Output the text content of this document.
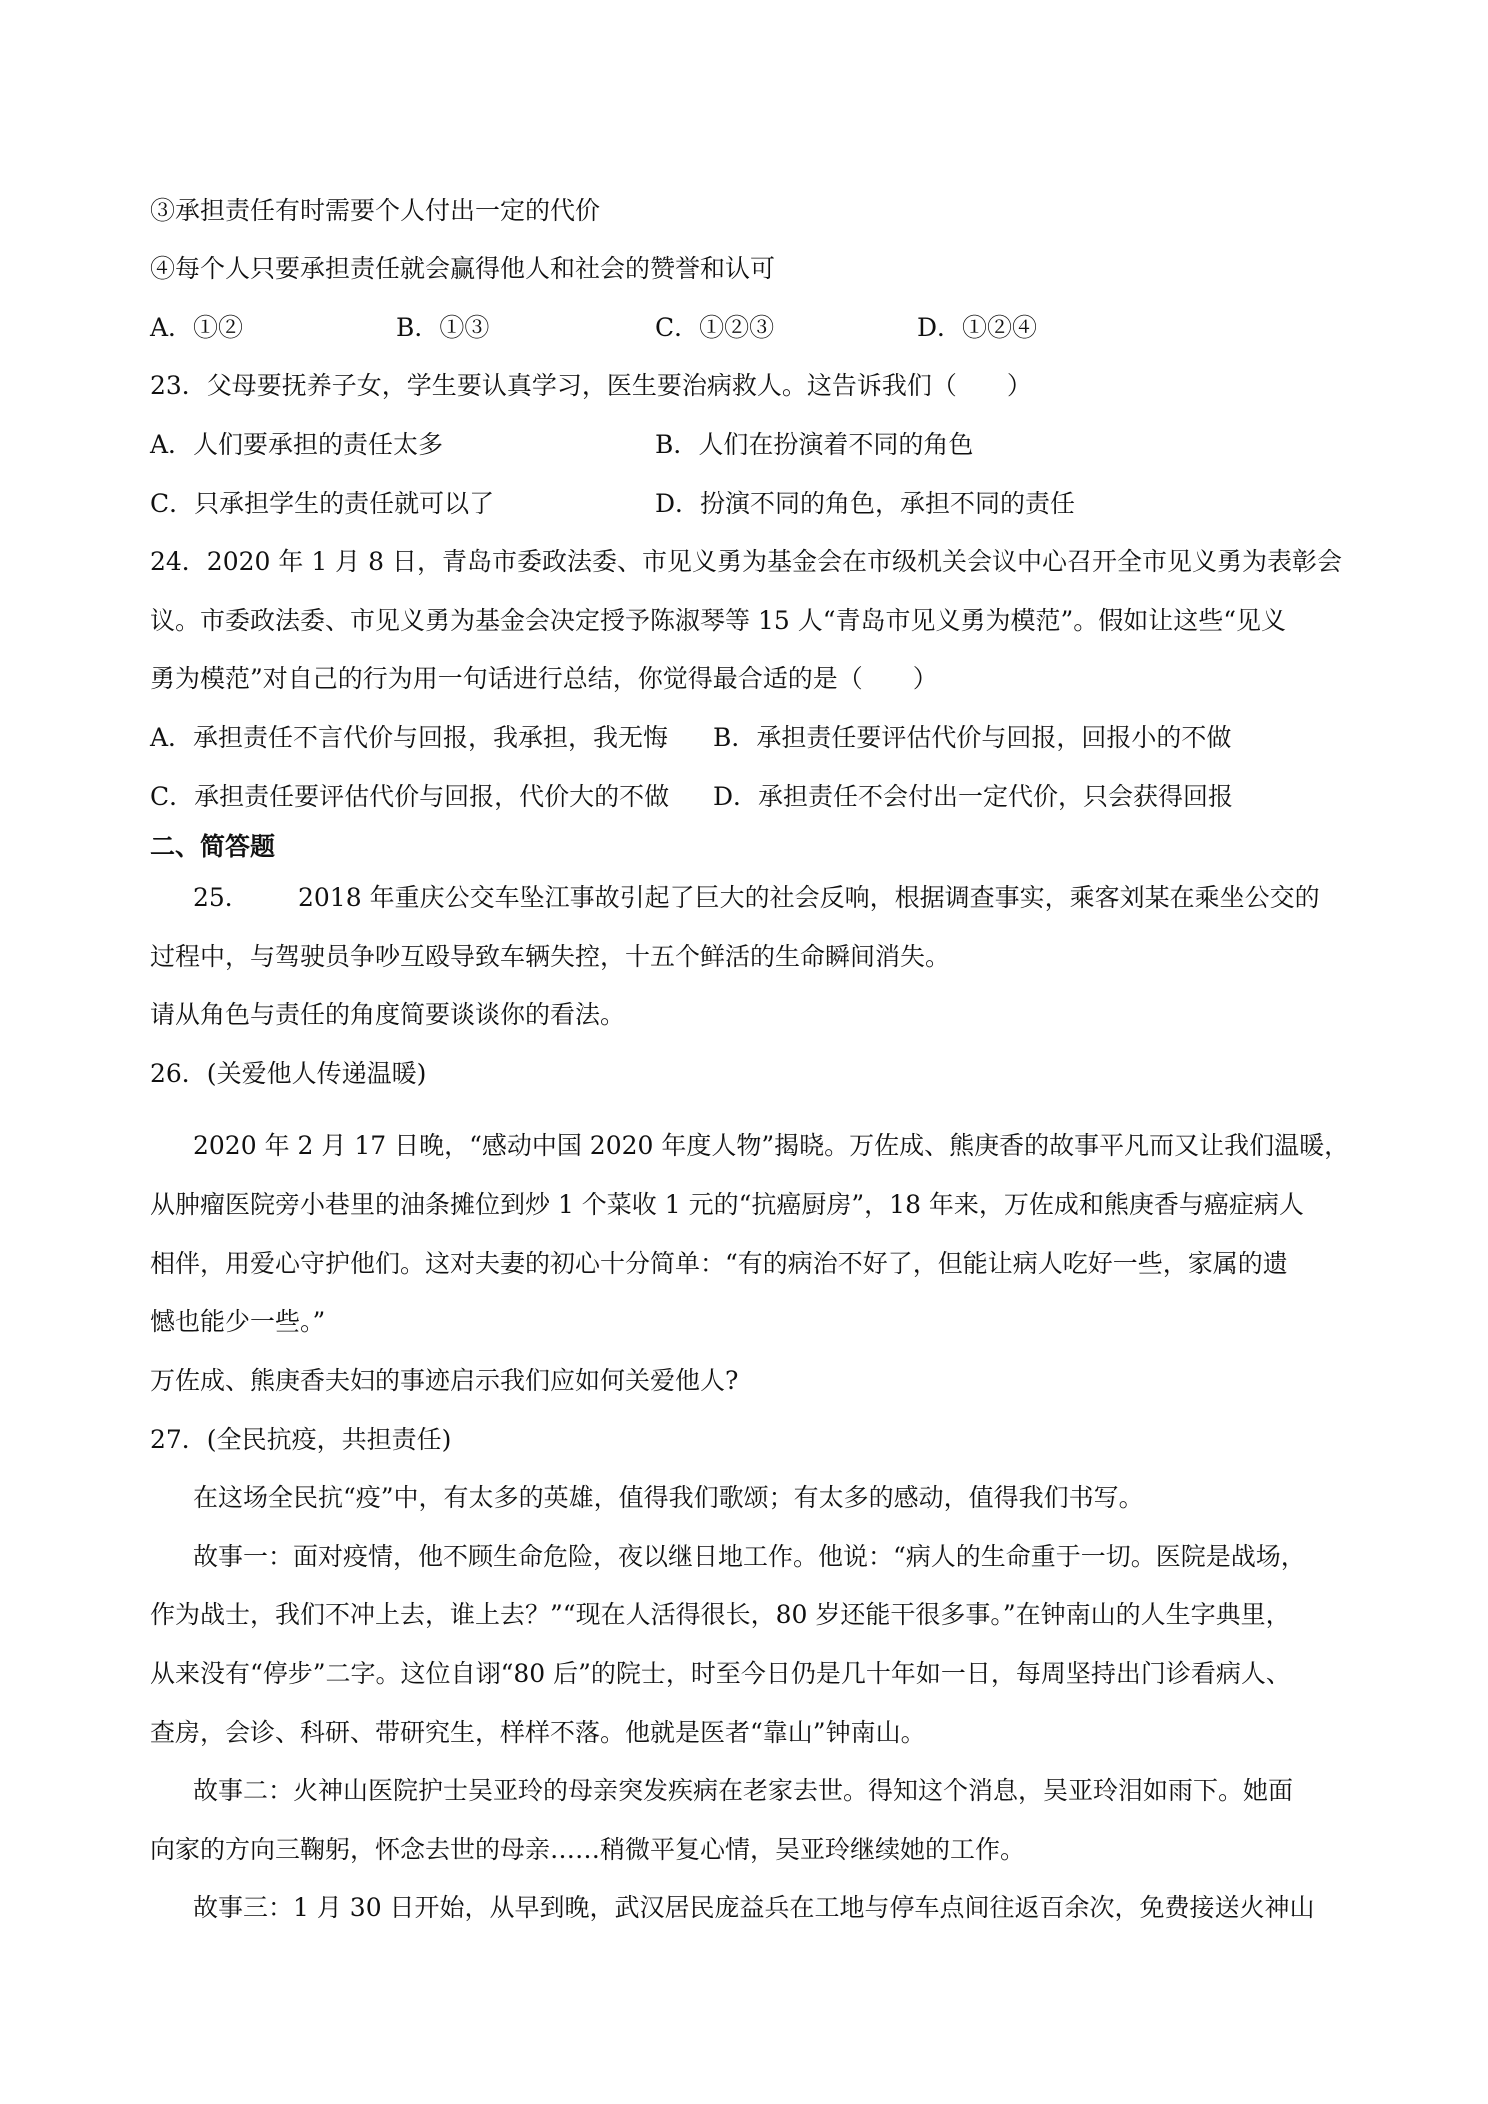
③承担责任有时需要个人付出一定的代价
④每个人只要承担责任就会赢得他人和社会的赞誉和认可
A．①②	B．①③	C．①②③	D．①②④
23．父母要抚养子女，学生要认真学习，医生要治病救人。这告诉我们（　　）
A．人们要承担的责任太多	B．人们在扮演着不同的角色
C．只承担学生的责任就可以了	D．扮演不同的角色，承担不同的责任
24．2020 年 1 月 8 日，青岛市委政法委、市见义勇为基金会在市级机关会议中心召开全市见义勇为表彰会
议。市委政法委、市见义勇为基金会决定授予陈淑琴等 15 人“青岛市见义勇为模范”。假如让这些“见义
勇为模范”对自己的行为用一句话进行总结，你觉得最合适的是（　　）
A．承担责任不言代价与回报，我承担，我无悔 B．承担责任要评估代价与回报，回报小的不做
C．承担责任要评估代价与回报，代价大的不做 D．承担责任不会付出一定代价，只会获得回报
二、简答题
25． 2018 年重庆公交车坠江事故引起了巨大的社会反响，根据调查事实，乘客刘某在乘坐公交的
过程中，与驾驶员争吵互殴导致车辆失控，十五个鲜活的生命瞬间消失。
请从角色与责任的角度简要谈谈你的看法。
26．(关爱他人传递温暖)
2020 年 2 月 17 日晚，“感动中国 2020 年度人物”揭晓。万佐成、熊庚香的故事平凡而又让我们温暖，
从肿瘤医院旁小巷里的油条摊位到炒 1 个菜收 1 元的“抗癌厨房”，18 年来，万佐成和熊庚香与癌症病人
相伴，用爱心守护他们。这对夫妻的初心十分简单：“有的病治不好了，但能让病人吃好一些，家属的遗
憾也能少一些。”
万佐成、熊庚香夫妇的事迹启示我们应如何关爱他人?
27．(全民抗疫，共担责任)
在这场全民抗“疫”中，有太多的英雄，值得我们歌颂；有太多的感动，值得我们书写。
故事一：面对疫情，他不顾生命危险，夜以继日地工作。他说：“病人的生命重于一切。医院是战场，
作为战士，我们不冲上去，谁上去？”“现在人活得很长，80 岁还能干很多事。”在钟南山的人生字典里，
从来没有“停步”二字。这位自诩“80 后”的院士，时至今日仍是几十年如一日，每周坚持出门诊看病人、
查房，会诊、科研、带研究生，样样不落。他就是医者“靠山”钟南山。
故事二：火神山医院护士吴亚玲的母亲突发疾病在老家去世。得知这个消息，吴亚玲泪如雨下。她面
向家的方向三鞠躬，怀念去世的母亲……稍微平复心情，吴亚玲继续她的工作。
故事三：1 月 30 日开始，从早到晚，武汉居民庞益兵在工地与停车点间往返百余次，免费接送火神山
